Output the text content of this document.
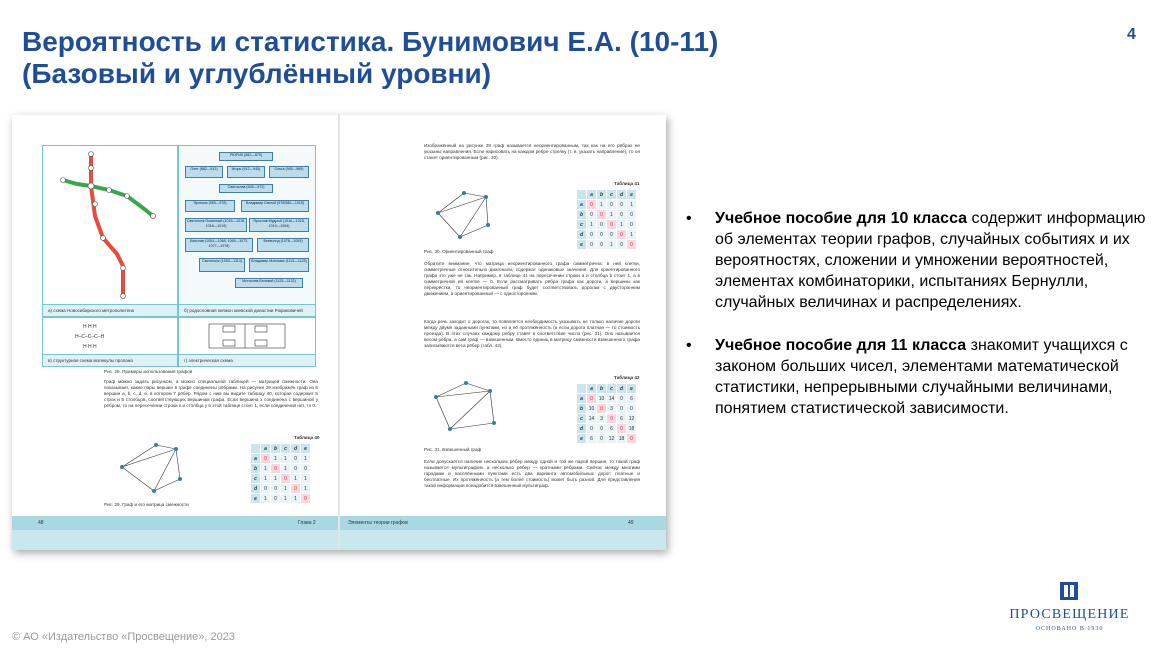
Вероятность и статистика. Бунимович Е.А. (10-11)
(Базовый и углублённый уровни)
4
а) схема Новосибирского метрополитена
РЮРИК (862—879)
Олег (882—912)	Игорь (912—945)	Ольга (945—969)
Святослав (945—972)
Ярополк (969—978)	Владимир Святой (978/980—1015)
Святополк Окаянный (1015—1016, 1018—1019)
Ярослав Мудрый (1016—1018, 1019—1054)
Изяслав (1054—1068, 1069—1073, 1077—1078)
Всеволод (1078—1093)
Святополк (1093—1113)	Владимир Мономах (1113—1125)
Мстислав Великий (1125—1132)
б) родословная княжон киевской династии Рюриковичей
H H H
H–C–C–C–H
H H H
в) структурная схема молекулы пропана	г) электрическая схема
Рис. 28. Примеры использования графов
Граф можно задать рисунком, а можно специальной таблицей — матрицей смежности. Она показывает, какие пары вершин в графе соединены рёбрами. На рисунке 29 изображён граф из 5 вершин a, b, c, d, e, в котором 7 рёбер. Рядом с ним вы видите таблицу 40, которая содержит 5 строк и 5 столбцов, соответствующих вершинам графа. Если вершина x соединена с вершиной y ребром, то на пересечении строки x и столбца y в этой таблице стоит 1, если соединения нет, то 0.
Таблица 40
	a	b	c	d	e
a	0	1	1	0	1
b	1	0	1	0	0
c	1	1	0	1	1
d	0	0	1	0	1
e	1	0	1	1	0
Рис. 29. Граф и его матрица смежности
48	Глава 2
Изображённый на рисунке 29 граф называется неориентированным, так как на его рёбрах не указаны направления. Если нарисовать на каждом ребре стрелку (т. е. указать направление), то он станет ориентированным (рис. 30).
Таблица 41
	a	b	c	d	e
a	0	1	0	0	1
b	0	0	1	0	0
c	1	0	0	1	0
d	0	0	0	0	1
e	0	0	1	0	0
Рис. 30. Ориентированный граф
Обратите внимание, что матрица неориентированного графа симметрична: в ней клетки, симметричные относительно диагонали, содержат одинаковые значения. Для ориентированного графа это уже не так. Например, в таблице 41 на пересечении строки a и столбца b стоит 1, а в симметричной ей клетке — 0. Если рассматривать рёбра графа как дороги, а вершины как перекрёстки, то неориентированный граф будет соответствовать дорогам с двусторонним движением, а ориентированный — с односторонним.
Когда речь заходит о дорогах, то появляется необходимость указывать не только наличие дороги между двумя заданными пунктами, но и её протяжённость (а если дорога платная — то стоимость проезда). В этих случаях каждому ребру ставят в соответствие число (рис. 31). Оно называется весом ребра, а сам граф — взвешенным. Вместо единиц в матрицу смежности взвешенного графа записываются веса рёбер (табл. 42).
Таблица 42
	a	b	c	d	e
a	0	10	14	0	6
b	10	0	3	0	0
c	14	3	0	6	12
d	0	0	6	0	18
e	6	0	12	18	0
Рис. 31. Взвешенный граф
Если допускается наличие нескольких рёбер между одной и той же парой вершин, то такой граф называется мультиграфом, а несколько рёбер — кратными рёбрами. Сейчас между многими городами и населёнными пунктами есть два варианта автомобильных дорог: платные и бесплатные. Их протяжённость (а тем более стоимость) может быть разной. Для представления такой информации понадобится взвешенный мультиграф.
Элементы теории графов	49
• Учебное пособие для 10 класса содержит информацию об элементах теории графов, случайных событиях и их вероятностях, сложении и умножении вероятностей, элементах комбинаторики, испытаниях Бернулли, случайных величинах и распределениях.
• Учебное пособие для 11 класса знакомит учащихся с законом больших чисел, элементами математической статистики, непрерывными случайными величинами, понятием статистической зависимости.
ПРОСВЕЩЕНИЕ
ОСНОВАНО В 1930
© АО «Издательство «Просвещение», 2023
